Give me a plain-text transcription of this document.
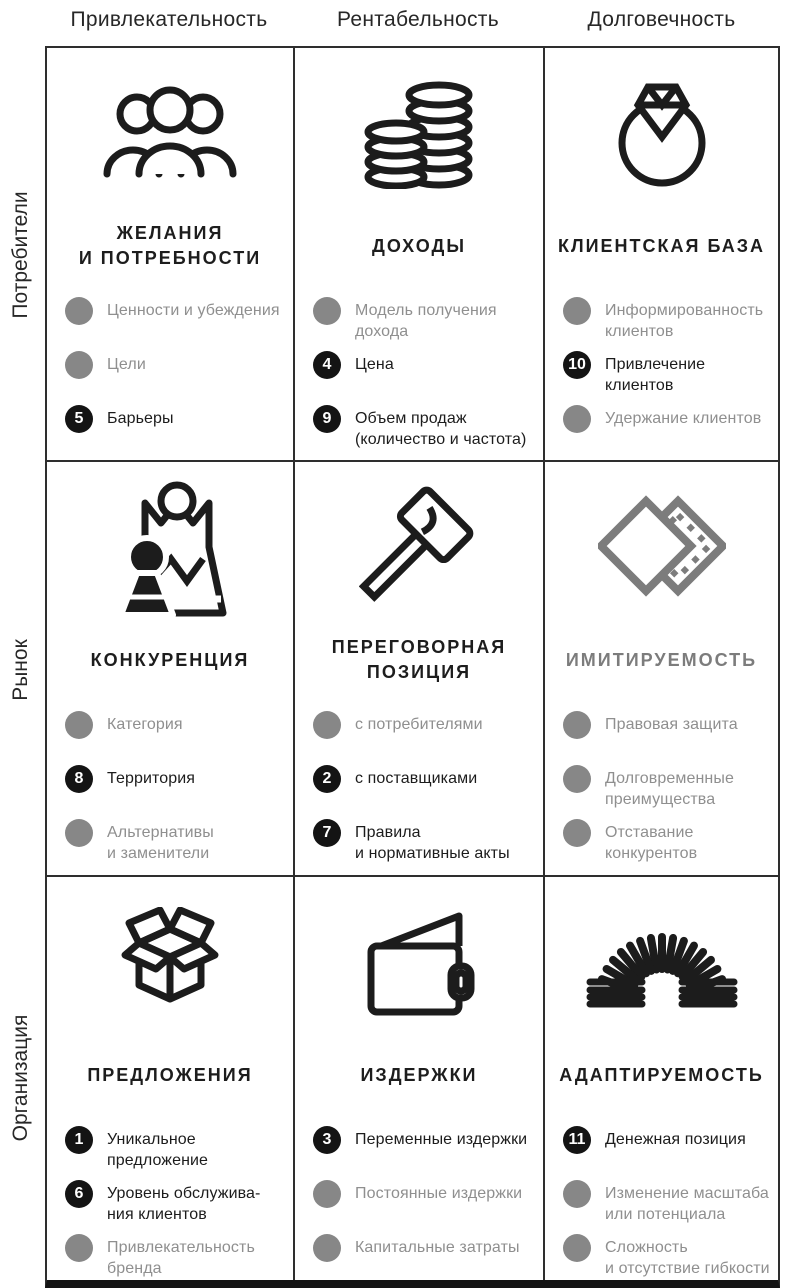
Привлекательность	Рентабельность	Долговечность
Потребители
Рынок
Организация
ЖЕЛАНИЯ
И ПОТРЕБНОСТИ
Ценности и убеждения
Цели
5	Барьеры
ДОХОДЫ
Модель получения
дохода
4	Цена
9	Объем продаж
(количество и частота)
КЛИЕНТСКАЯ БАЗА
Информированность
клиентов
10	Привлечение клиентов
Удержание клиентов
КОНКУРЕНЦИЯ
Категория
8	Территория
Альтернативы
и заменители
ПЕРЕГОВОРНАЯ
ПОЗИЦИЯ
с потребителями
2	с поставщиками
7	Правила
и нормативные акты
ИМИТИРУЕМОСТЬ
Правовая защита
Долговременные
преимущества
Отставание
конкурентов
ПРЕДЛОЖЕНИЯ
1	Уникальное
предложение
6	Уровень обслужива-
ния клиентов
Привлекательность
бренда
ИЗДЕРЖКИ
3	Переменные издержки
Постоянные издержки
Капитальные затраты
АДАПТИРУЕМОСТЬ
11	Денежная позиция
Изменение масштаба
или потенциала
Сложность
и отсутствие гибкости
